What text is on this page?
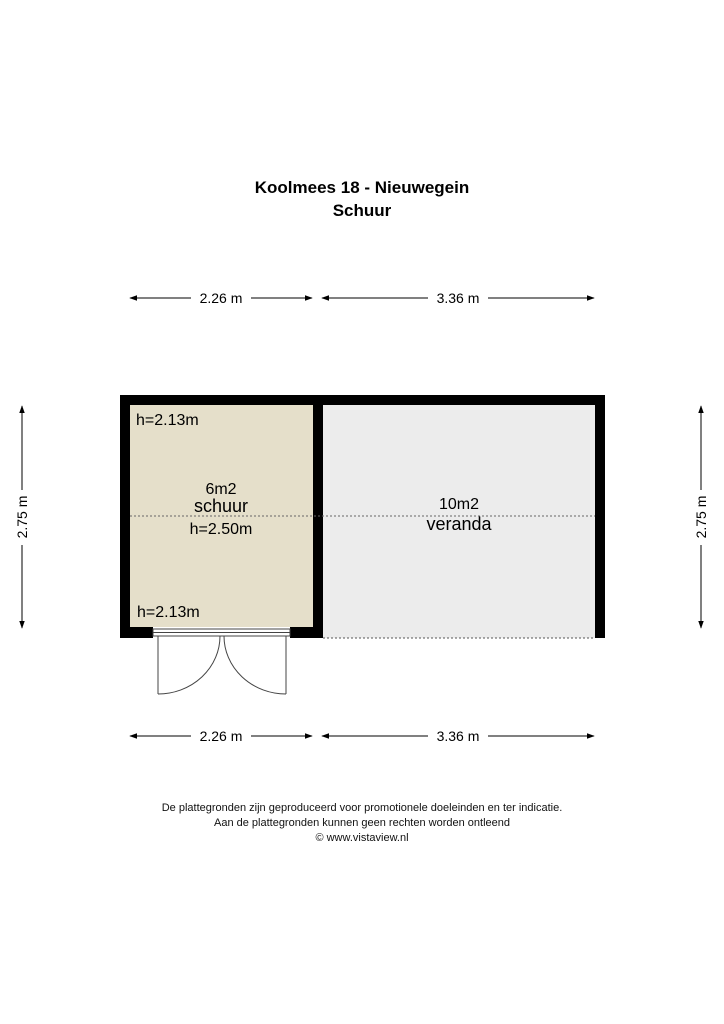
Koolmees 18 - Nieuwegein
Schuur
2.26 m	3.36 m
2.75 m	2.75 m
2.26 m	3.36 m
h=2.13m
6m2
schuur
h=2.50m
h=2.13m
10m2
veranda
De plattegronden zijn geproduceerd voor promotionele doeleinden en ter indicatie.
Aan de plattegronden kunnen geen rechten worden ontleend
© www.vistaview.nl
